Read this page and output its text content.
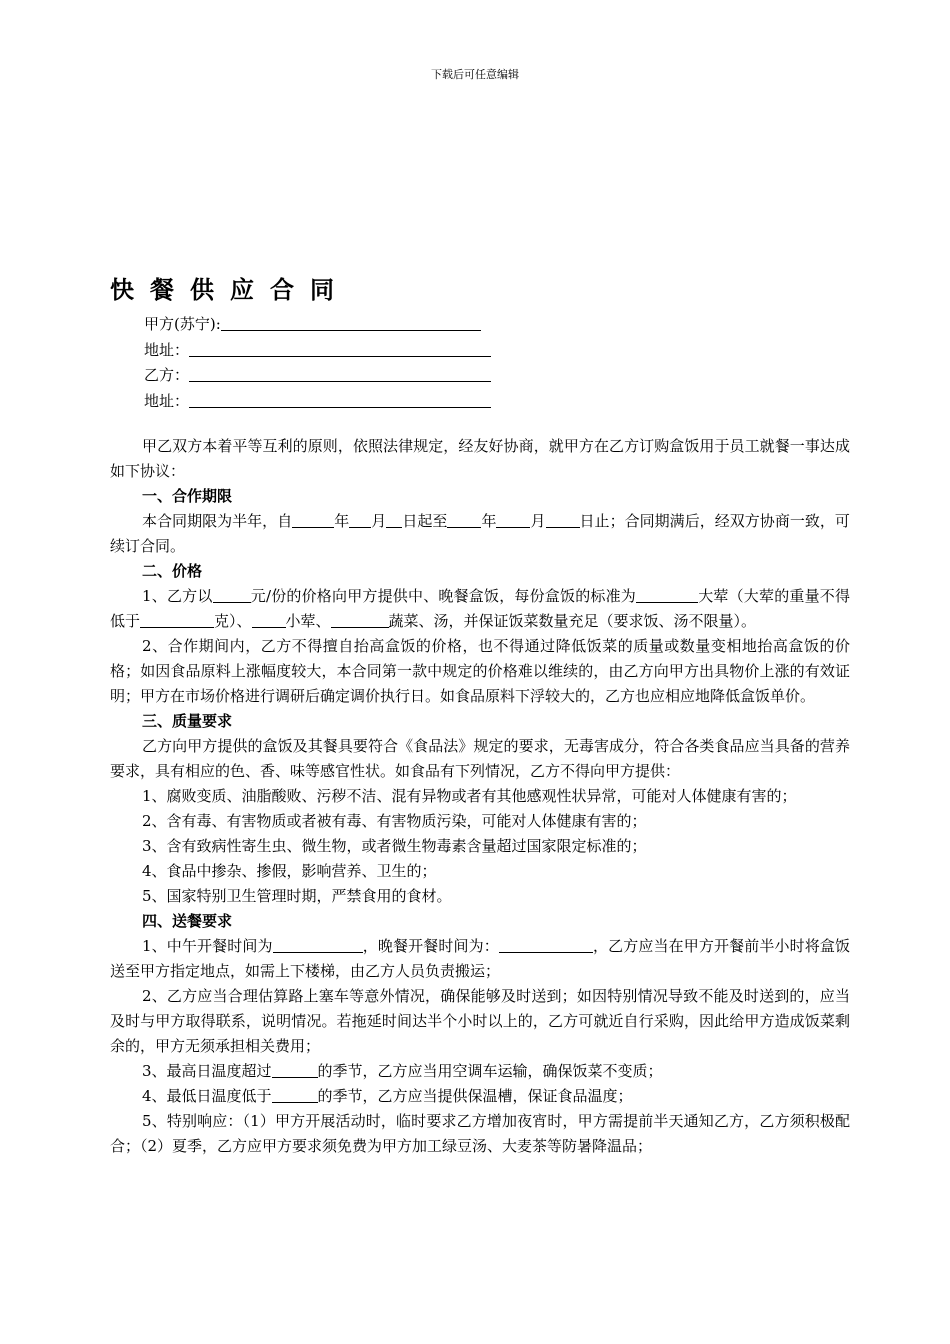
下载后可任意编辑
快餐供应合同
甲方(苏宁):
地址：
乙方：
地址：

甲乙双方本着平等互利的原则，依照法律规定，经友好协商，就甲方在乙方订购盒饭用于员工就餐一事达成如下协议：

一、合作期限

本合同期限为半年，自	年 月 日起至 年 月 日止；合同期满后，经双方协商一致，可续订合同。

二、价格

1、乙方以	元/份的价格向甲方提供中、晚餐盒饭，每份盒饭的标准为	大荤（大荤的重量不得低于	克）、 小荤、	蔬菜、汤，并保证饭菜数量充足（要求饭、汤不限量）。

2、合作期间内，乙方不得擅自抬高盒饭的价格，也不得通过降低饭菜的质量或数量变相地抬高盒饭的价格；如因食品原料上涨幅度较大，本合同第一款中规定的价格难以维续的，由乙方向甲方出具物价上涨的有效证明；甲方在市场价格进行调研后确定调价执行日。如食品原料下浮较大的，乙方也应相应地降低盒饭单价。

三、质量要求

乙方向甲方提供的盒饭及其餐具要符合《食品法》规定的要求，无毒害成分，符合各类食品应当具备的营养要求，具有相应的色、香、味等感官性状。如食品有下列情况，乙方不得向甲方提供：

1、腐败变质、油脂酸败、污秽不洁、混有异物或者有其他感观性状异常，可能对人体健康有害的；

2、含有毒、有害物质或者被有毒、有害物质污染，可能对人体健康有害的；

3、含有致病性寄生虫、微生物，或者微生物毒素含量超过国家限定标准的；

4、食品中掺杂、掺假，影响营养、卫生的；

5、国家特别卫生管理时期，严禁食用的食材。

四、送餐要求

1、中午开餐时间为	，晚餐开餐时间为：	，乙方应当在甲方开餐前半小时将盒饭送至甲方指定地点，如需上下楼梯，由乙方人员负责搬运；

2、乙方应当合理估算路上塞车等意外情况，确保能够及时送到；如因特别情况导致不能及时送到的，应当及时与甲方取得联系，说明情况。若拖延时间达半个小时以上的，乙方可就近自行采购，因此给甲方造成饭菜剩余的，甲方无须承担相关费用；

3、最高日温度超过	的季节，乙方应当用空调车运输，确保饭菜不变质；

4、最低日温度低于	的季节，乙方应当提供保温槽，保证食品温度；

5、特别响应：（1）甲方开展活动时，临时要求乙方增加夜宵时，甲方需提前半天通知乙方，乙方须积极配合；（2）夏季，乙方应甲方要求须免费为甲方加工绿豆汤、大麦茶等防暑降温品；
